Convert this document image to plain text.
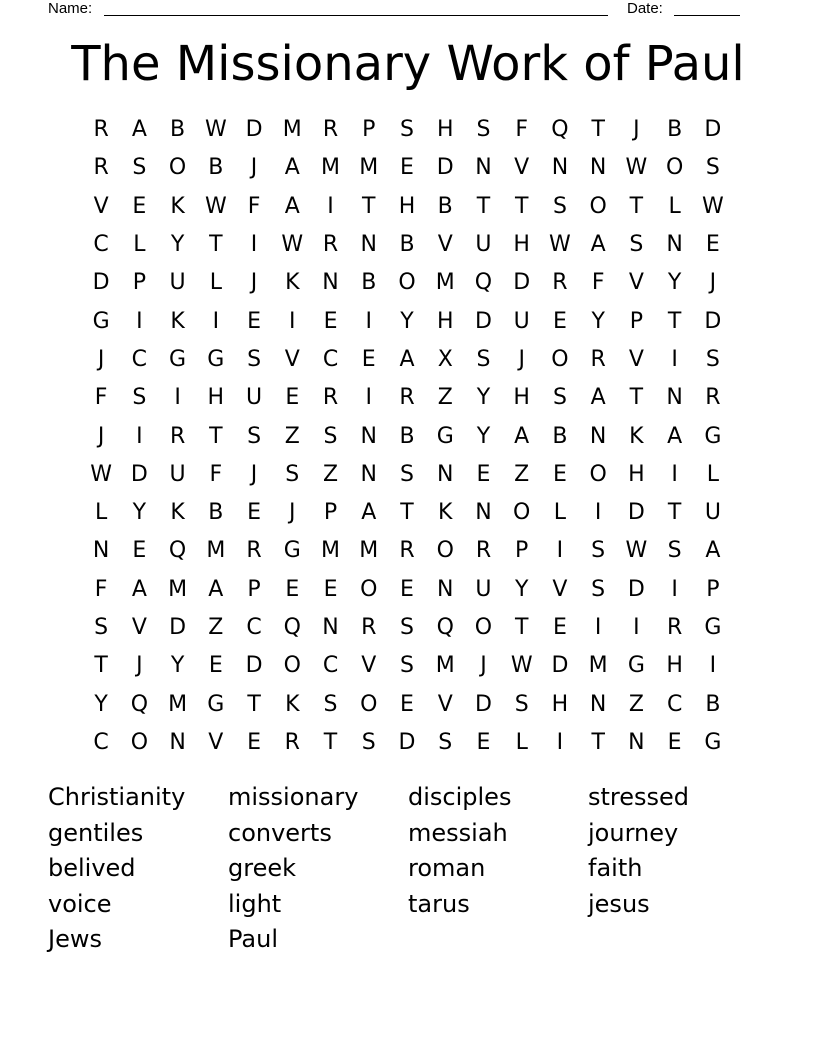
Name:	Date:
The Missionary Work of Paul
R	A	B W D M R	P	S	H	S	F	Q	T	J	B	D
R	S	O	B	J	A M M E	D N	V	N N W O	S
V	E	K W F	A	I	T	H	B	T	T	S	O	T	L W
C	L	Y	T	I	W R	N	B	V	U H W A	S	N	E
D	P	U	L	J	K	N	B	O M Q D	R	F	V	Y	J
G	I	K	I	E	I	E	I	Y	H D U	E	Y	P	T	D
J	C	G G	S	V	C	E	A	X	S	J	O R	V	I	S
F	S	I	H U	E	R	I	R	Z	Y	H	S	A	T	N	R
J	I	R	T	S	Z	S	N	B	G	Y	A	B	N	K	A	G
W D U	F	J	S	Z	N	S	N	E	Z	E	O H	I	L
L	Y	K	B	E	J	P	A	T	K	N O	L	I	D	T	U
N	E	Q M R	G M M R O R	P	I	S W S	A
F	A M A	P	E	E	O	E	N U	Y	V	S	D	I	P
S	V	D	Z	C Q N	R	S	Q O	T	E	I	I	R	G
T	J	Y	E	D O C	V	S M	J	W D M G H	I
Y	Q M G	T	K	S	O	E	V	D	S	H N	Z	C	B
C O N	V	E	R	T	S	D	S	E	L	I	T	N	E	G
Christianity	missionary	disciples	stressed
gentiles	converts	messiah	journey
belived	greek	roman	faith
voice	light	tarus	jesus
Jews	Paul
